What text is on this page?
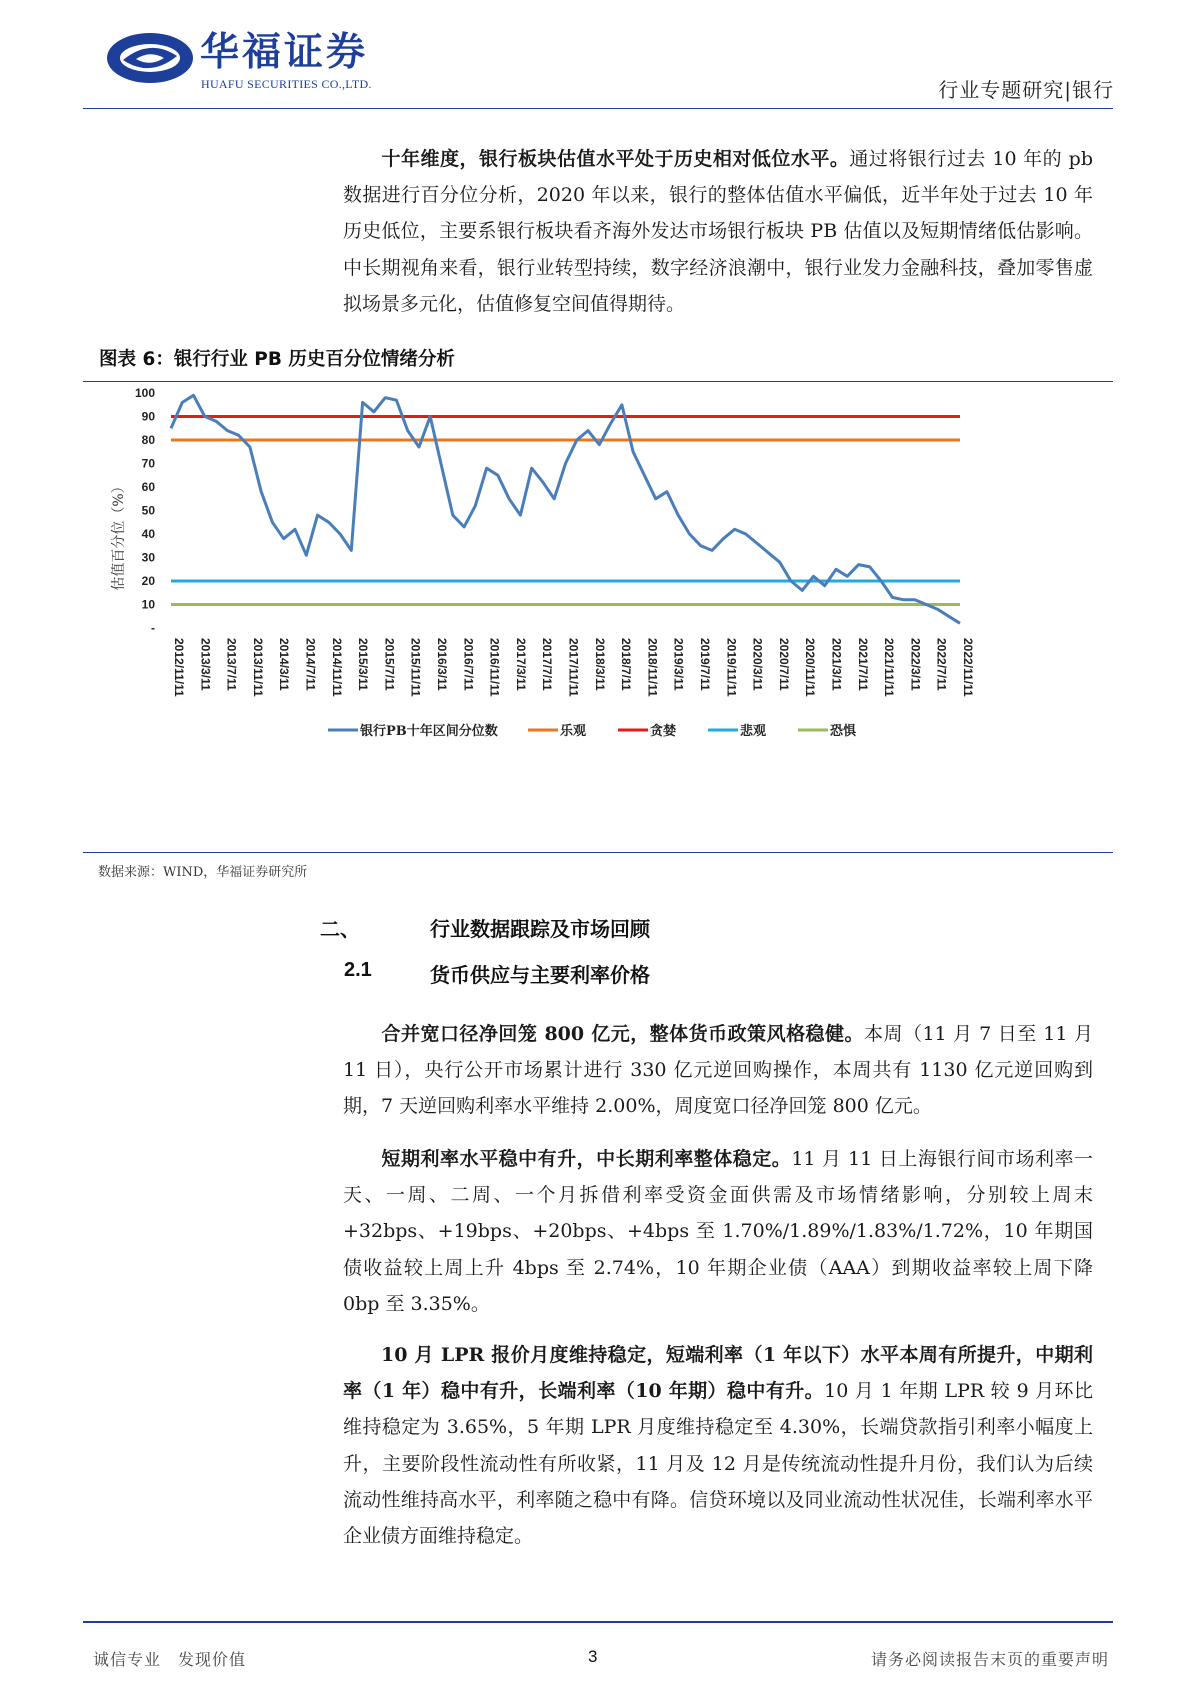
华福证券
HUAFU SECURITIES CO.,LTD.	行业专题研究|银行

十年维度，银行板块估值水平处于历史相对低位水平。通过将银行过去 10 年的 pb 数据进行百分位分析，2020 年以来，银行的整体估值水平偏低，近半年处于过去 10 年历史低位，主要系银行板块看齐海外发达市场银行板块 PB 估值以及短期情绪低估影响。中长期视角来看，银行业转型持续，数字经济浪潮中，银行业发力金融科技，叠加零售虚拟场景多元化，估值修复空间值得期待。

图表 6：银行行业 PB 历史百分位情绪分析
-
10
20
30
40
50
60
70
80
90
100
2012/11/11 2013/3/11 2013/7/11 2013/11/11 2014/3/11 2014/7/11 2014/11/11 2015/3/11 2015/7/11 2015/11/11 2016/3/11 2016/7/11 2016/11/11 2017/3/11 2017/7/11 2017/11/11 2018/3/11 2018/7/11 2018/11/11 2019/3/11 2019/7/11 2019/11/11 2020/3/11 2020/7/11 2020/11/11 2021/3/11 2021/7/11 2021/11/11 2022/3/11 2022/7/11 2022/11/11
估值百分位（%）
银行PB十年区间分位数	乐观	贪婪	悲观	恐惧
数据来源：WIND，华福证券研究所
二、	行业数据跟踪及市场回顾
2.1	货币供应与主要利率价格

合并宽口径净回笼 800 亿元，整体货币政策风格稳健。本周（11 月 7 日至 11 月 11 日），央行公开市场累计进行 330 亿元逆回购操作，本周共有 1130 亿元逆回购到期，7 天逆回购利率水平维持 2.00%，周度宽口径净回笼 800 亿元。

短期利率水平稳中有升，中长期利率整体稳定。11 月 11 日上海银行间市场利率一天、一周、二周、一个月拆借利率受资金面供需及市场情绪影响，分别较上周末+32bps、+19bps、+20bps、+4bps 至 1.70%/1.89%/1.83%/1.72%，10 年期国债收益较上周上升 4bps 至 2.74%，10 年期企业债（AAA）到期收益率较上周下降 0bp 至 3.35%。

10 月 LPR 报价月度维持稳定，短端利率（1 年以下）水平本周有所提升，中期利率（1 年）稳中有升，长端利率（10 年期）稳中有升。10 月 1 年期 LPR 较 9 月环比维持稳定为 3.65%，5 年期 LPR 月度维持稳定至 4.30%，长端贷款指引利率小幅度上升，主要阶段性流动性有所收紧，11 月及 12 月是传统流动性提升月份，我们认为后续流动性维持高水平，利率随之稳中有降。信贷环境以及同业流动性状况佳，长端利率水平企业债方面维持稳定。

诚信专业　发现价值	3	请务必阅读报告末页的重要声明
